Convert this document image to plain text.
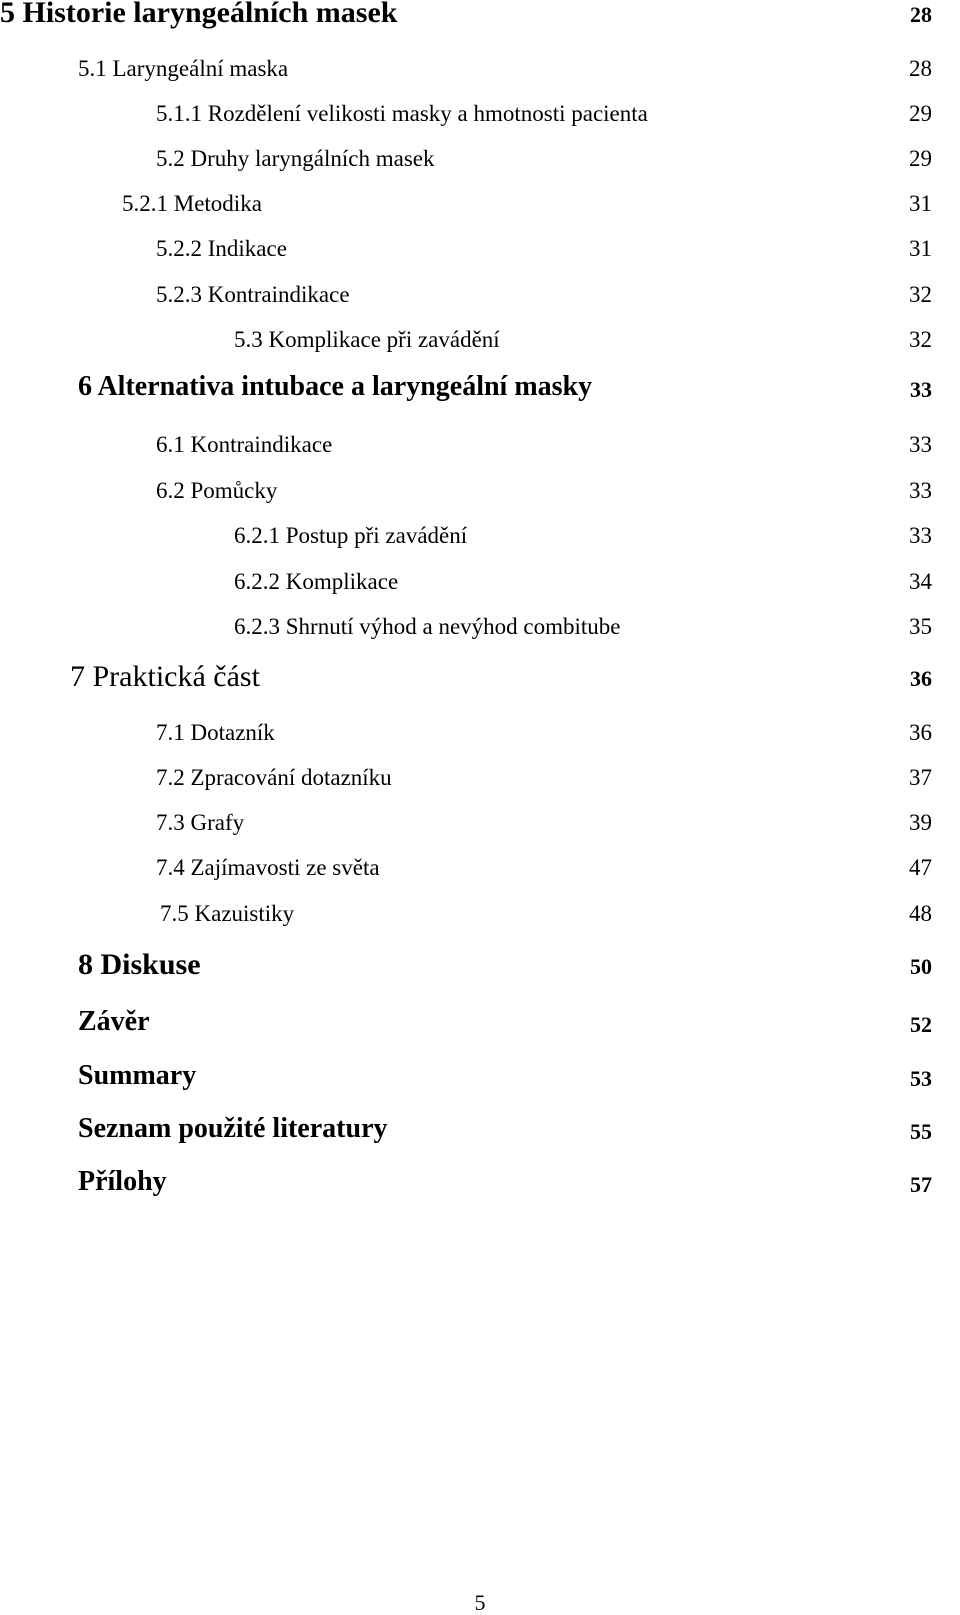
5 Historie laryngeálních masek	28
5.1 Laryngeální maska	28
5.1.1 Rozdělení velikosti masky a hmotnosti pacienta	29
5.2 Druhy laryngálních masek	29
5.2.1 Metodika	31
5.2.2 Indikace	31
5.2.3 Kontraindikace	32
5.3 Komplikace při zavádění	32
6 Alternativa intubace a laryngeální masky	33
6.1 Kontraindikace	33
6.2 Pomůcky	33
6.2.1 Postup při zavádění	33
6.2.2 Komplikace	34
6.2.3 Shrnutí výhod a nevýhod combitube	35
7 Praktická část	36
7.1 Dotazník	36
7.2 Zpracování dotazníku	37
7.3 Grafy	39
7.4 Zajímavosti ze světa	47
7.5 Kazuistiky	48
8 Diskuse	50
Závěr	52
Summary	53
Seznam použité literatury	55
Přílohy	57
5
